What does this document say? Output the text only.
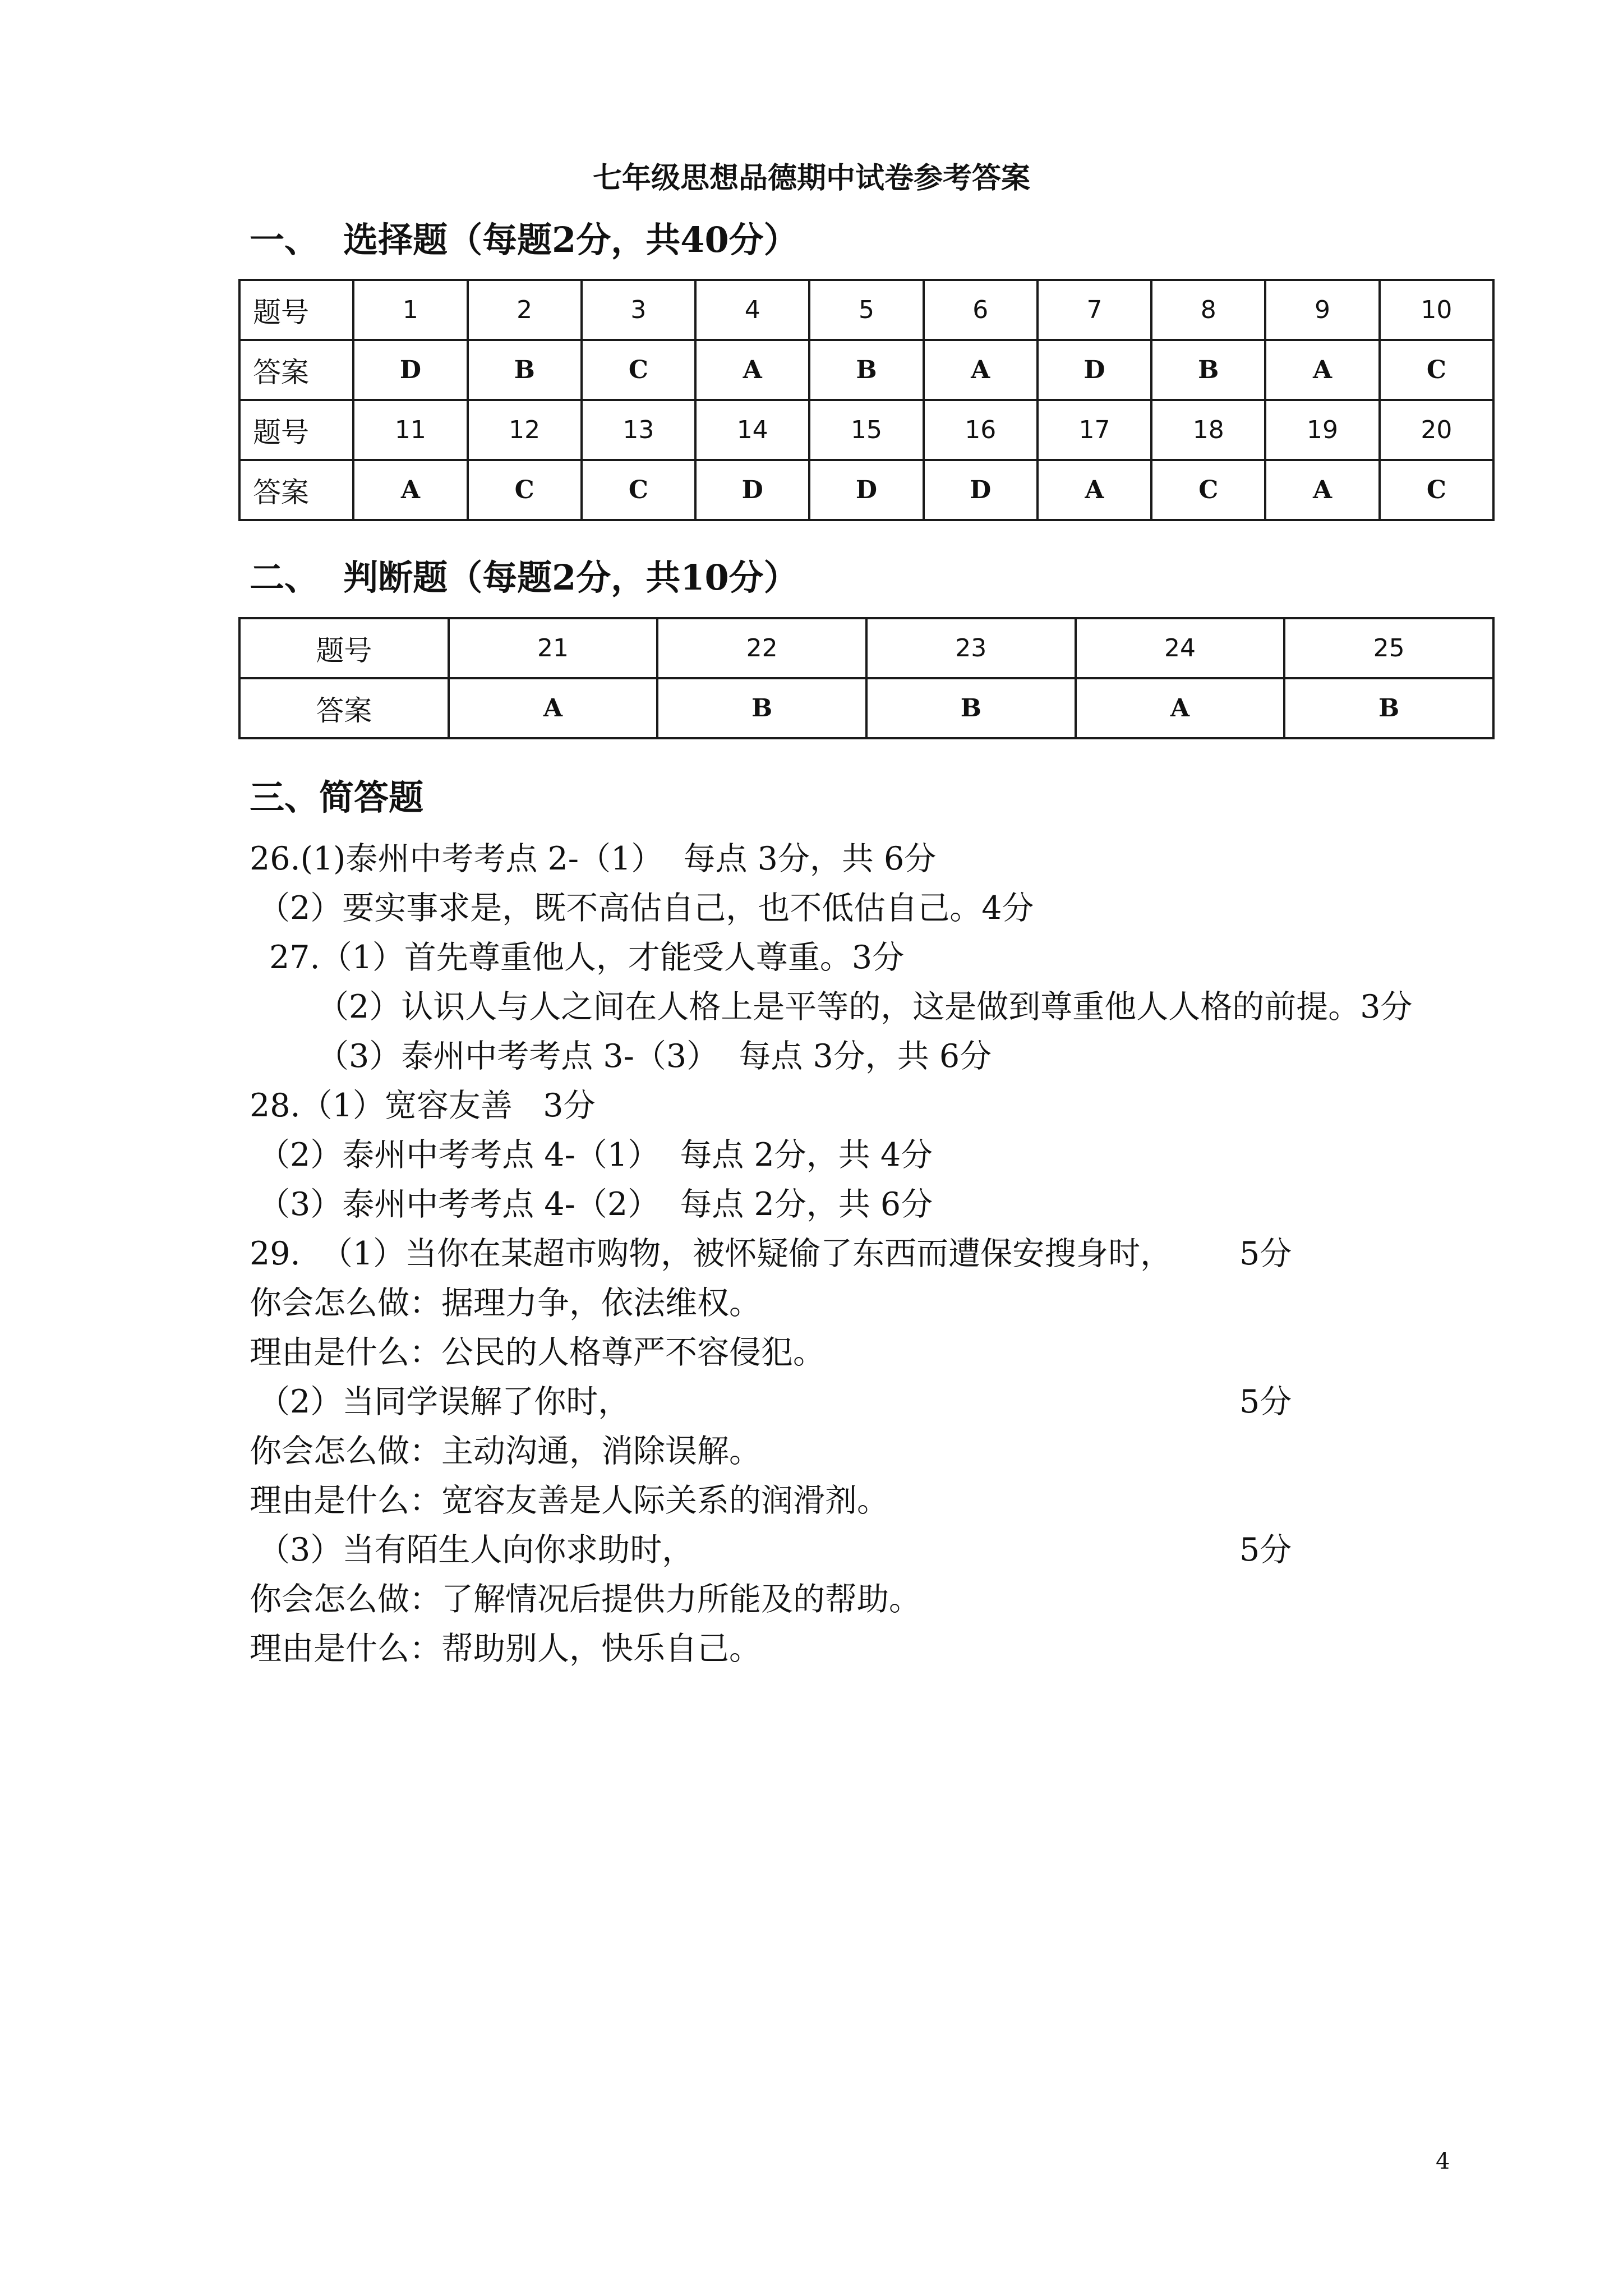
七年级思想品德期中试卷参考答案
一、  选择题（每题2分，共40分）
题号	1	2	3	4	5	6	7	8	9	10
答案	D	B	C	A	B	A	D	B	A	C
题号	11	12	13	14	15	16	17	18	19	20
答案	A	C	C	D	D	D	A	C	A	C
二、  判断题（每题2分，共10分）
题号	21	22	23	24	25
答案	A	B	B	A	B
三、简答题
26.(1)泰州中考考点 2-（1）  每点 3分，共 6分
（2）要实事求是，既不高估自己，也不低估自己。4分
27.（1）首先尊重他人，才能受人尊重。3分
（2）认识人与人之间在人格上是平等的，这是做到尊重他人人格的前提。3分
（3）泰州中考考点 3-（3）  每点 3分，共 6分
28.（1）宽容友善   3分
（2）泰州中考考点 4-（1）  每点 2分，共 4分
（3）泰州中考考点 4-（2）  每点 2分，共 6分
29.  （1）当你在某超市购物，被怀疑偷了东西而遭保安搜身时， 5分
你会怎么做：据理力争，依法维权。
理由是什么：公民的人格尊严不容侵犯。
（2）当同学误解了你时，	5分
你会怎么做：主动沟通，消除误解。
理由是什么：宽容友善是人际关系的润滑剂。
（3）当有陌生人向你求助时，	5分
你会怎么做：了解情况后提供力所能及的帮助。
理由是什么：帮助别人，快乐自己。
4
